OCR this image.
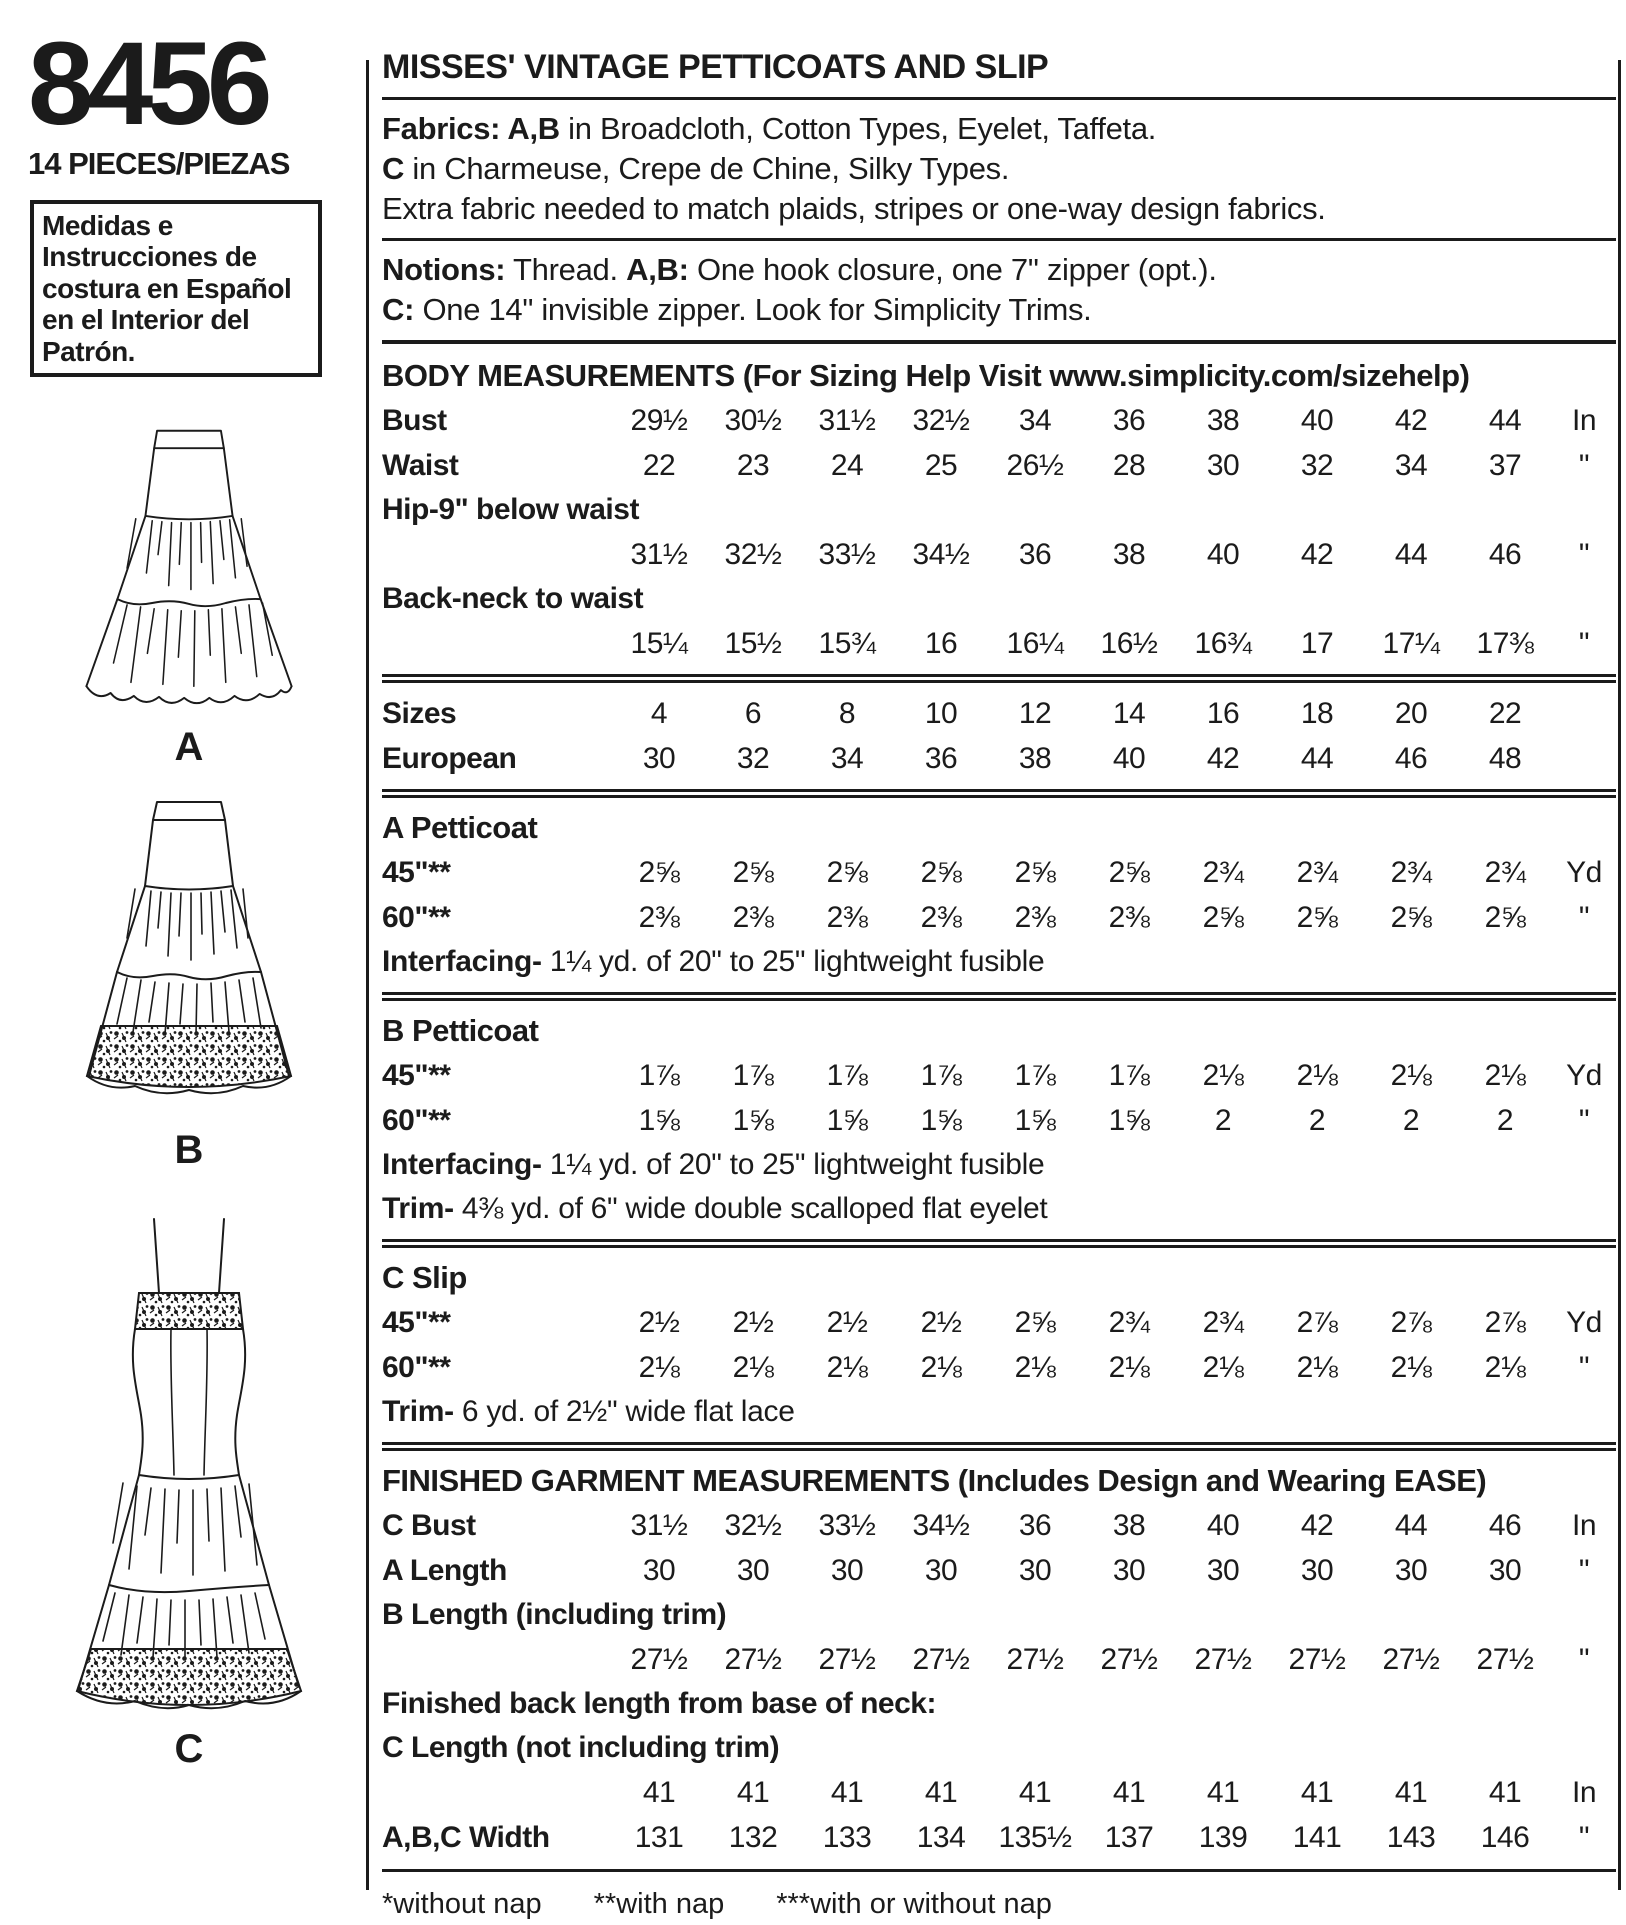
8456
14 PIECES/PIEZAS
Medidas e Instrucciones de costura en Español en el Interior del Patrón.
A
B
C
MISSES' VINTAGE PETTICOATS AND SLIP
Fabrics: A,B in Broadcloth, Cotton Types, Eyelet, Taffeta.
C in Charmeuse, Crepe de Chine, Silky Types.
Extra fabric needed to match plaids, stripes or one-way design fabrics.
Notions: Thread. A,B: One hook closure, one 7" zipper (opt.).
C: One 14" invisible zipper. Look for Simplicity Trims.
BODY MEASUREMENTS (For Sizing Help Visit www.simplicity.com/sizehelp)
Bust	29½	30½	31½	32½	34	36	38	40	42	44	In
Waist	22	23	24	25	26½	28	30	32	34	37	"
Hip-9" below waist
31½	32½	33½	34½	36	38	40	42	44	46	"
Back-neck to waist
15¼	15½	15¾	16	16¼	16½	16¾	17	17¼	17⅜	"
Sizes	4	6	8	10	12	14	16	18	20	22
European	30	32	34	36	38	40	42	44	46	48
A Petticoat
45"**	2⅝	2⅝	2⅝	2⅝	2⅝	2⅝	2¾	2¾	2¾	2¾	Yd
60"**	2⅜	2⅜	2⅜	2⅜	2⅜	2⅜	2⅝	2⅝	2⅝	2⅝	"
Interfacing- 1¼ yd. of 20" to 25" lightweight fusible
B Petticoat
45"**	1⅞	1⅞	1⅞	1⅞	1⅞	1⅞	2⅛	2⅛	2⅛	2⅛	Yd
60"**	1⅝	1⅝	1⅝	1⅝	1⅝	1⅝	2	2	2	2	"
Interfacing- 1¼ yd. of 20" to 25" lightweight fusible
Trim- 4⅜ yd. of 6" wide double scalloped flat eyelet
C Slip
45"**	2½	2½	2½	2½	2⅝	2¾	2¾	2⅞	2⅞	2⅞	Yd
60"**	2⅛	2⅛	2⅛	2⅛	2⅛	2⅛	2⅛	2⅛	2⅛	2⅛	"
Trim- 6 yd. of 2½" wide flat lace
FINISHED GARMENT MEASUREMENTS (Includes Design and Wearing EASE)
C Bust	31½	32½	33½	34½	36	38	40	42	44	46	In
A Length	30	30	30	30	30	30	30	30	30	30	"
B Length (including trim)
27½	27½	27½	27½	27½	27½	27½	27½	27½	27½	"
Finished back length from base of neck:
C Length (not including trim)
41	41	41	41	41	41	41	41	41	41	In
A,B,C Width	131	132	133	134	135½	137	139	141	143	146	"
*without nap **with nap ***with or without nap
